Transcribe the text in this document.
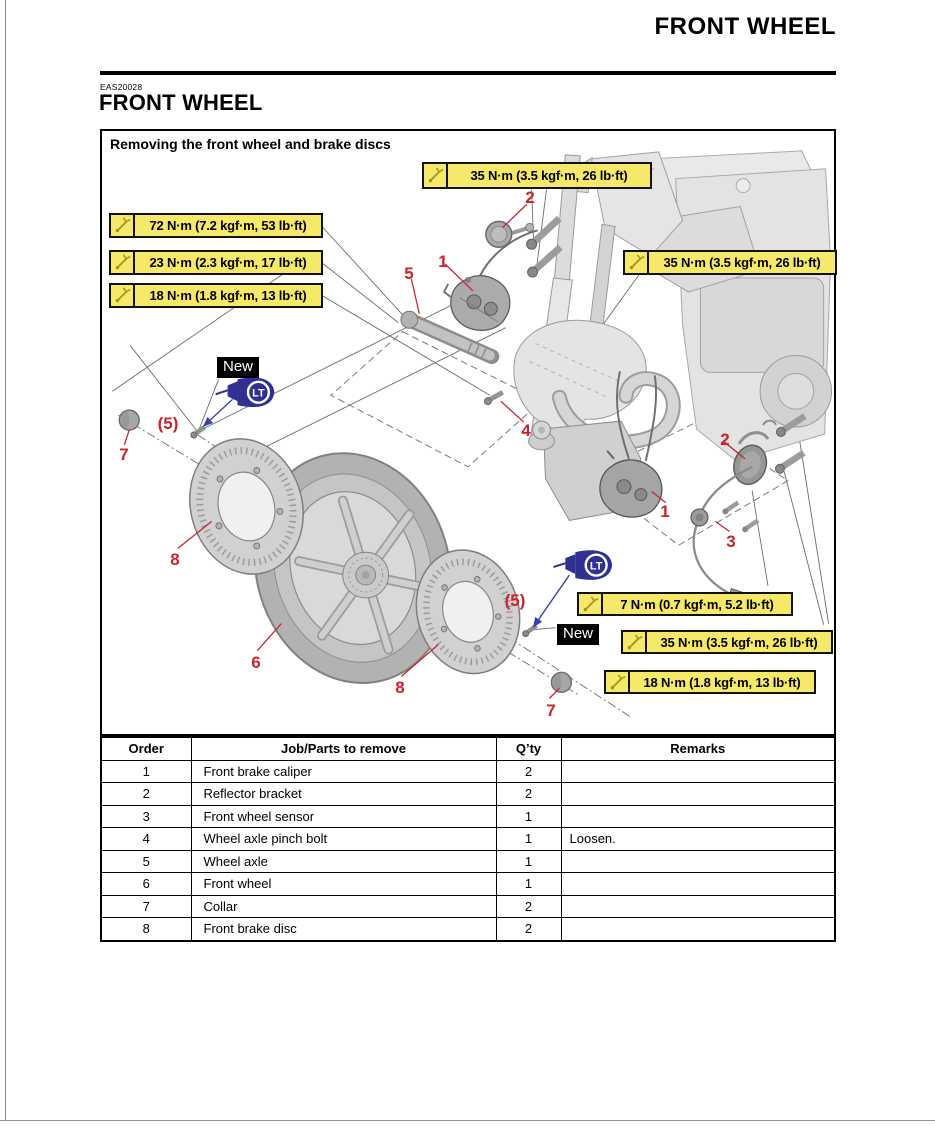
FRONT WHEEL
EAS20028
FRONT WHEEL
LT
LT
Removing the front wheel and brake discs
35 N·m (3.5 kgf·m, 26 lb·ft)
72 N·m (7.2 kgf·m, 53 lb·ft)
23 N·m (2.3 kgf·m, 17 lb·ft)
18 N·m (1.8 kgf·m, 13 lb·ft)
35 N·m (3.5 kgf·m, 26 lb·ft)
7 N·m (0.7 kgf·m, 5.2 lb·ft)
35 N·m (3.5 kgf·m, 26 lb·ft)
18 N·m (1.8 kgf·m, 13 lb·ft)
New
New
2
1
5
4
7
(5)
8
6
8
7
2
1
3
(5)
Order	Job/Parts to remove	Q’ty	Remarks
1	Front brake caliper	2	
2	Reflector bracket	2	
3	Front wheel sensor	1	
4	Wheel axle pinch bolt	1	Loosen.
5	Wheel axle	1	
6	Front wheel	1	
7	Collar	2	
8	Front brake disc	2	
